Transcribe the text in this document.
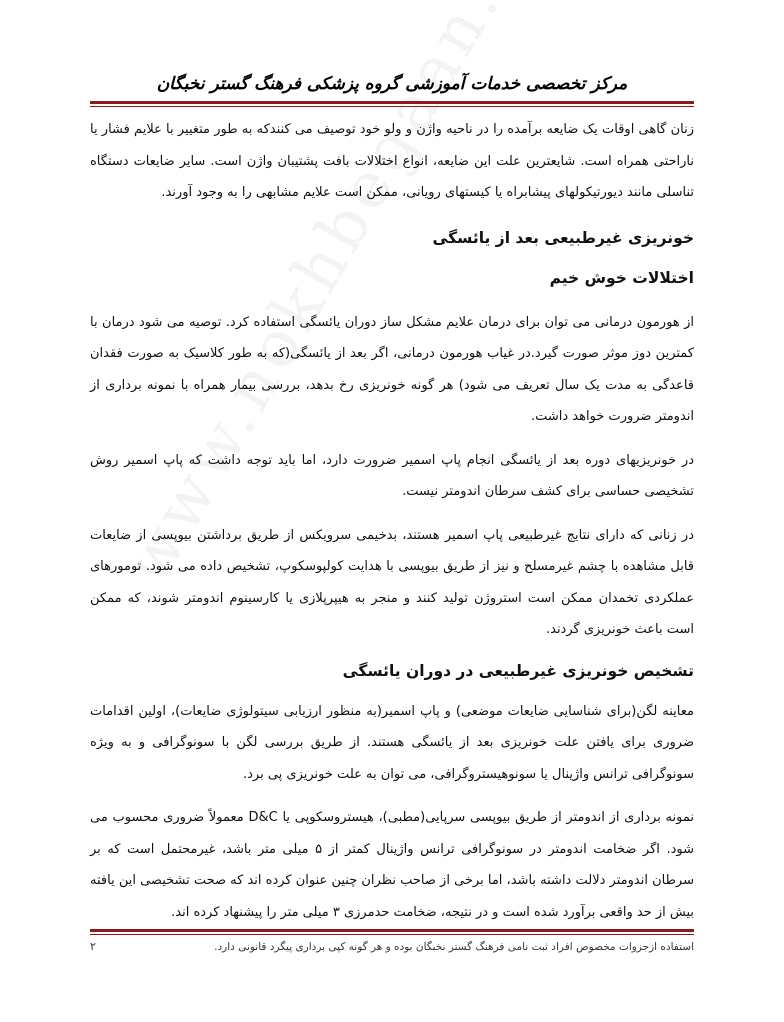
مرکز تخصصی خدمات آموزشی گروه پزشکی فرهنگ گستر نخبگان

زنان گاهی اوقات یک ضایعه برآمده را در ناحیه واژن و ولو خود توصیف می کنندکه به طور متغییر با علایم فشار یا ناراحتی همراه است. شایعترین علت این ضایعه، انواع اختلالات بافت پشتیبان واژن است. سایر ضایعات دستگاه تناسلی مانند دیورتیکولهای پیشابراه یا کیستهای رویانی، ممکن است علایم مشابهی را به وجود آورند.

خونریزی غیرطبیعی بعد از یائسگی
اختلالات خوش خیم

از هورمون درمانی می توان برای درمان علایم مشکل ساز دوران یائسگی استفاده کرد. توصیه می شود درمان با کمترین دوز موثر صورت گیرد.در غیاب هورمون درمانی، اگر بعد از یائسگی(که به طور کلاسیک به صورت فقدان قاعدگی به مدت یک سال تعریف می شود) هر گونه خونریزی رخ بدهد، بررسی بیمار همراه با نمونه برداری از اندومتر ضرورت خواهد داشت.

در خونریزیهای دوره بعد از یائسگی انجام پاپ اسمیر ضرورت دارد، اما باید توجه داشت که پاپ اسمیر روش تشخیصی حساسی برای کشف سرطان اندومتر نیست.

در زنانی که دارای نتایج غیرطبیعی پاپ اسمیر هستند، بدخیمی سرویکس از طریق برداشتن بیوپسی از ضایعات قابل مشاهده با چشم غیرمسلح و نیز از طریق بیوپسی با هدایت کولپوسکوپ، تشخیص داده می شود. تومورهای عملکردی تخمدان ممکن است استروژن تولید کنند و منجر به هیپرپلازی یا کارسینوم اندومتر شوند، که ممکن است باعث خونریزی گردند.

تشخیص خونریزی غیرطبیعی در دوران یائسگی

معاینه لگن(برای شناسایی ضایعات موضعی) و پاپ اسمیر(به منظور ارزیابی سیتولوژی ضایعات)، اولین اقدامات ضروری برای یافتن علت خونریزی بعد از یائسگی هستند. از طریق بررسی لگن با سونوگرافی و به ویژه سونوگرافی ترانس واژینال یا سونوهیستروگرافی، می توان به علت خونریزی پی برد.

نمونه برداری از اندومتر از طریق بیوپسی سرپایی(مطبی)، هیستروسکوپی یا D&C معمولاً ضروری محسوب می شود. اگر ضخامت اندومتر در سونوگرافی ترانس واژینال کمتر از ۵ میلی متر باشد، غیرمحتمل است که بر سرطان اندومتر دلالت داشته باشد، اما برخی از صاحب نظران چنین عنوان کرده اند که صحت تشخیصی این یافته بیش از حد واقعی برآورد شده است و در نتیجه، ضخامت حدمرزی ۳ میلی متر را پیشنهاد کرده اند.

استفاده ازجزوات مخصوص افراد ثبت نامی فرهنگ گستر نخبگان بوده و هر گونه کپی برداری پیگرد قانونی دارد.
۲
